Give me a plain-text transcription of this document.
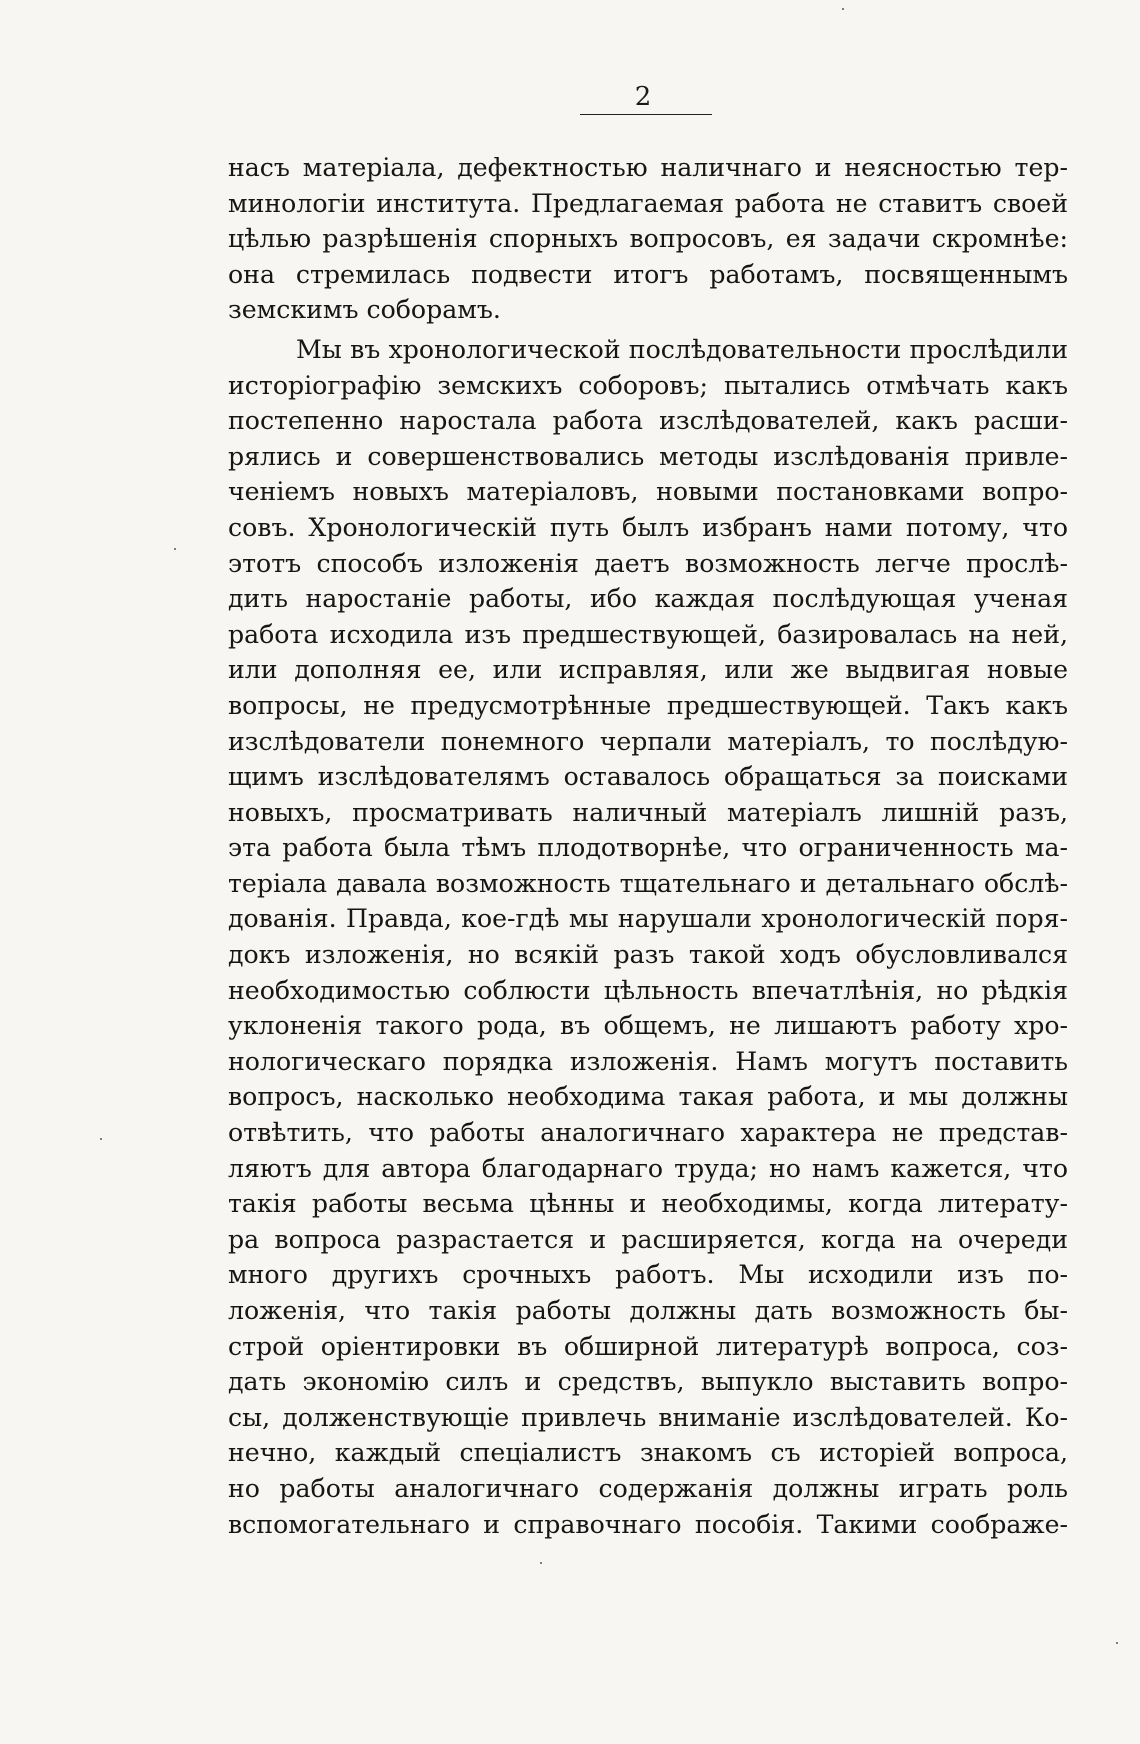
2
насъ матеріала, дефектностью наличнаго и неясностью тер-
минологіи института. Предлагаемая работа не ставитъ своей
цѣлью разрѣшенія спорныхъ вопросовъ, ея задачи скромнѣе:
она стремилась подвести итогъ работамъ, посвященнымъ
земскимъ соборамъ.
Мы въ хронологической послѣдовательности прослѣдили
исторіографію земскихъ соборовъ; пытались отмѣчать какъ
постепенно наростала работа изслѣдователей, какъ расши-
рялись и совершенствовались методы изслѣдованія привле-
ченіемъ новыхъ матеріаловъ, новыми постановками вопро-
совъ. Хронологическій путь былъ избранъ нами потому, что
этотъ способъ изложенія даетъ возможность легче прослѣ-
дить наростаніе работы, ибо каждая послѣдующая ученая
работа исходила изъ предшествующей, базировалась на ней,
или дополняя ее, или исправляя, или же выдвигая новые
вопросы, не предусмотрѣнные предшествующей. Такъ какъ
изслѣдователи понемного черпали матеріалъ, то послѣдую-
щимъ изслѣдователямъ оставалось обращаться за поисками
новыхъ, просматривать наличный матеріалъ лишній разъ,
эта работа была тѣмъ плодотворнѣе, что ограниченность ма-
теріала давала возможность тщательнаго и детальнаго обслѣ-
дованія. Правда, кое-гдѣ мы нарушали хронологическій поря-
докъ изложенія, но всякій разъ такой ходъ обусловливался
необходимостью соблюсти цѣльность впечатлѣнія, но рѣдкія
уклоненія такого рода, въ общемъ, не лишаютъ работу хро-
нологическаго порядка изложенія. Намъ могутъ поставить
вопросъ, насколько необходима такая работа, и мы должны
отвѣтить, что работы аналогичнаго характера не представ-
ляютъ для автора благодарнаго труда; но намъ кажется, что
такія работы весьма цѣнны и необходимы, когда литерату-
ра вопроса разрастается и расширяется, когда на очереди
много другихъ срочныхъ работъ. Мы исходили изъ по-
ложенія, что такія работы должны дать возможность бы-
строй оріентировки въ обширной литературѣ вопроса, соз-
дать экономію силъ и средствъ, выпукло выставить вопро-
сы, долженствующіе привлечь вниманіе изслѣдователей. Ко-
нечно, каждый спеціалистъ знакомъ съ исторіей вопроса,
но работы аналогичнаго содержанія должны играть роль
вспомогательнаго и справочнаго пособія. Такими соображе-
